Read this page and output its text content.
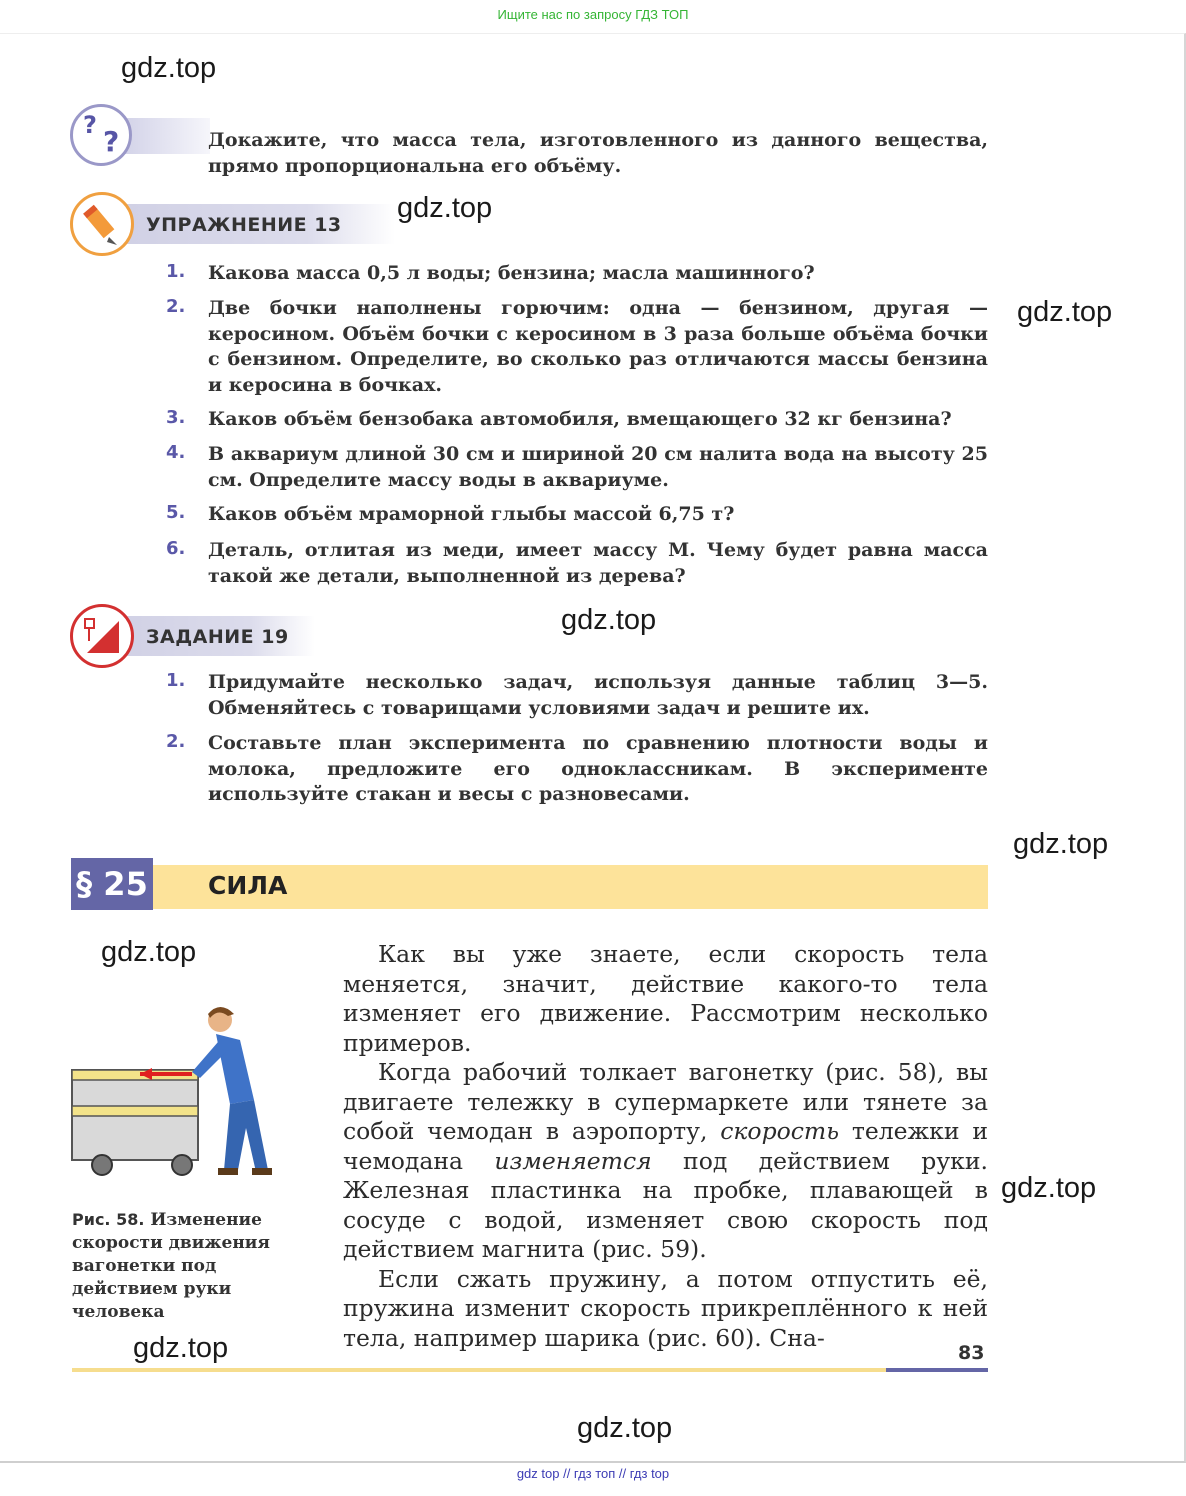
Ищите нас по запросу ГДЗ ТОП
gdz.top
gdz.top
gdz.top
gdz.top
gdz.top
gdz.top
gdz.top
gdz.top
gdz.top
? ?	Докажите, что масса тела, изготовленного из данного вещества, прямо пропорциональна его объёму.
УПРАЖНЕНИЕ 13
1. Какова масса 0,5 л воды; бензина; масла машинного?
2. Две бочки наполнены горючим: одна — бензином, другая — керосином. Объём бочки с керосином в 3 раза больше объёма бочки с бензином. Определите, во сколько раз отличаются массы бензина и керосина в бочках.
3. Каков объём бензобака автомобиля, вмещающего 32 кг бензина?
4. В аквариум длиной 30 см и шириной 20 см налита вода на высоту 25 см. Определите массу воды в аквариуме.
5. Каков объём мраморной глыбы массой 6,75 т?
6. Деталь, отлитая из меди, имеет массу M. Чему будет равна масса такой же детали, выполненной из дерева?
ЗАДАНИЕ 19
1. Придумайте несколько задач, используя данные таблиц 3—5. Обменяйтесь с товарищами условиями задач и решите их.
2. Составьте план эксперимента по сравнению плотности воды и молока, предложите его одноклассникам. В эксперименте используйте стакан и весы с разновесами.
§ 25 СИЛА
Рис. 58. Изменение скорости движения вагонетки под действием руки человека

Как вы уже знаете, если скорость тела меняется, значит, действие какого-то тела изменяет его движение. Рассмотрим несколько примеров.

Когда рабочий толкает вагонетку (рис. 58), вы двигаете тележку в супермаркете или тянете за собой чемодан в аэропорту, скорость тележки и чемодана изменяется под действием руки. Железная пластинка на пробке, плавающей в сосуде с водой, изменяет свою скорость под действием магнита (рис. 59).

Если сжать пружину, а потом отпустить её, пружина изменит скорость прикреплённого к ней тела, например шарика (рис. 60). Сна-

83
gdz top // гдз топ // гдз top
